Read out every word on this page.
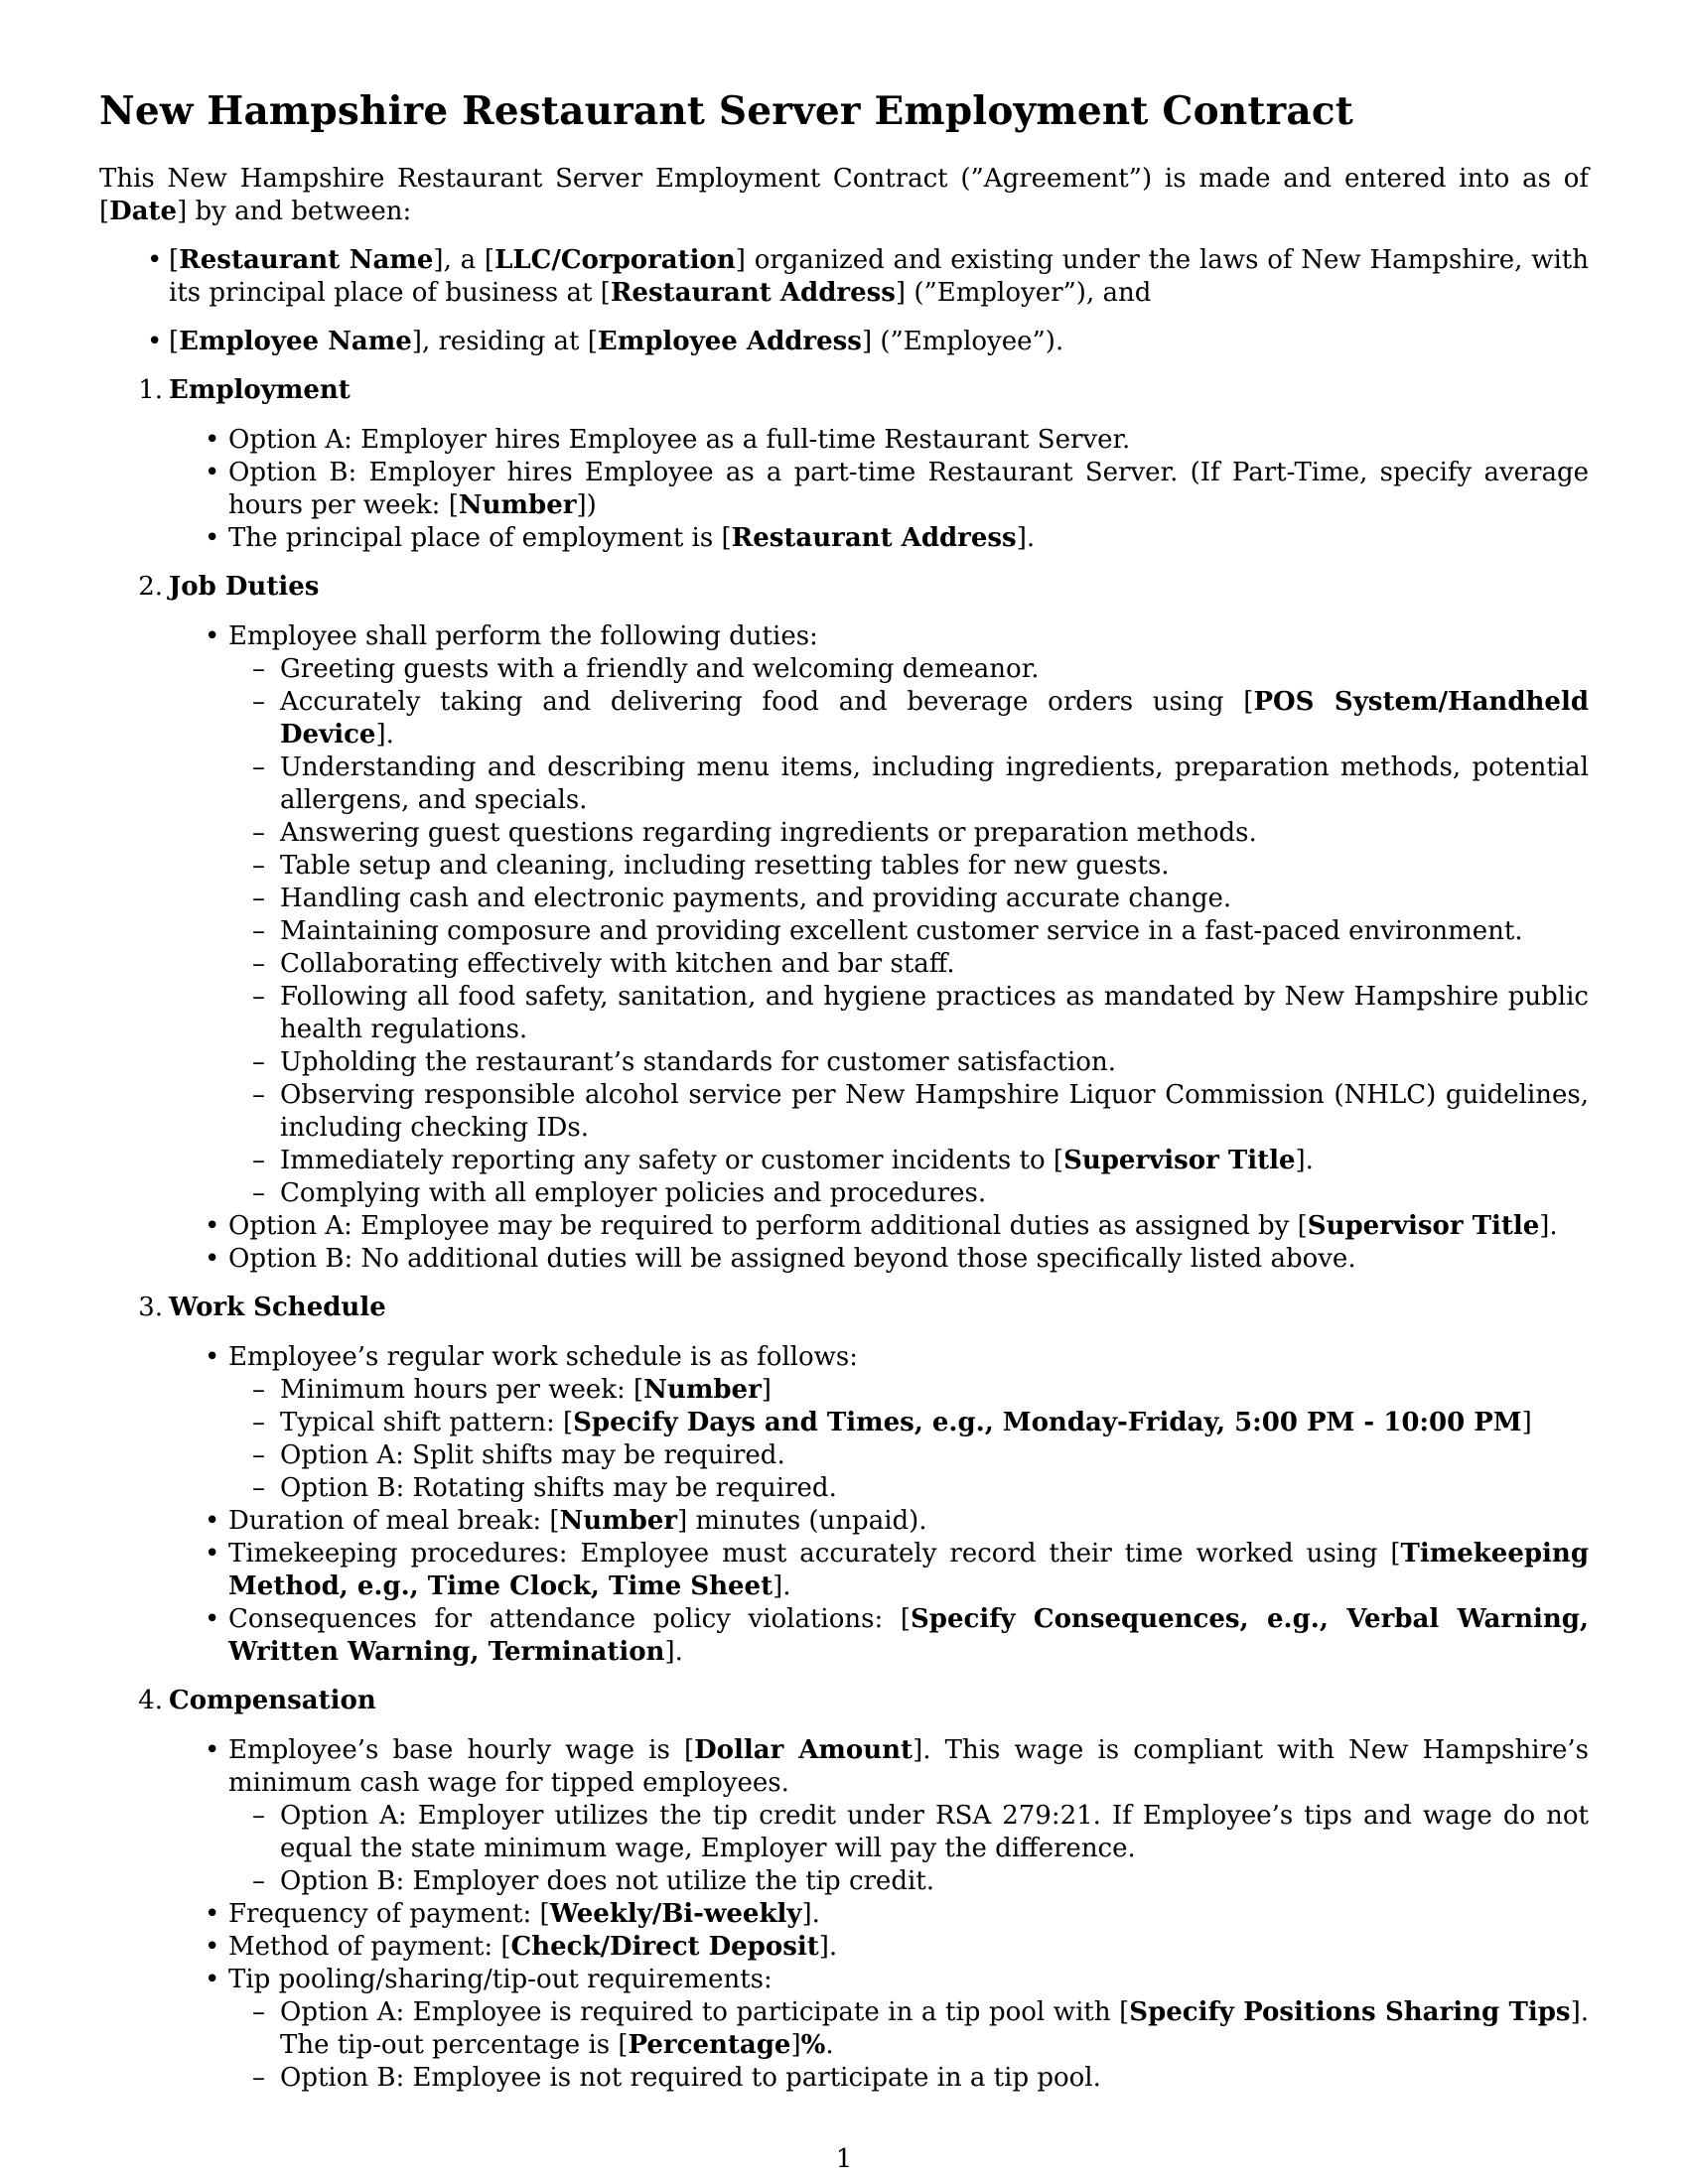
New Hampshire Restaurant Server Employment Contract

This New Hampshire Restaurant Server Employment Contract (”Agreement”) is made and entered into as of [Date] by and between:

• [Restaurant Name], a [LLC/Corporation] organized and existing under the laws of New Hampshire, with its principal place of business at [Restaurant Address] (”Employer”), and
• [Employee Name], residing at [Employee Address] (”Employee”).
1. Employment
• Option A: Employer hires Employee as a full-time Restaurant Server.
• Option B: Employer hires Employee as a part-time Restaurant Server. (If Part-Time, specify average hours per week: [Number])
• The principal place of employment is [Restaurant Address].
2. Job Duties
• Employee shall perform the following duties:
– Greeting guests with a friendly and welcoming demeanor.
– Accurately taking and delivering food and beverage orders using [POS System/Handheld Device].
– Understanding and describing menu items, including ingredients, preparation methods, potential allergens, and specials.
– Answering guest questions regarding ingredients or preparation methods.
– Table setup and cleaning, including resetting tables for new guests.
– Handling cash and electronic payments, and providing accurate change.
– Maintaining composure and providing excellent customer service in a fast-paced environment.
– Collaborating effectively with kitchen and bar staff.
– Following all food safety, sanitation, and hygiene practices as mandated by New Hampshire public health regulations.
– Upholding the restaurant’s standards for customer satisfaction.
– Observing responsible alcohol service per New Hampshire Liquor Commission (NHLC) guidelines, including checking IDs.
– Immediately reporting any safety or customer incidents to [Supervisor Title].
– Complying with all employer policies and procedures.
• Option A: Employee may be required to perform additional duties as assigned by [Supervisor Title].
• Option B: No additional duties will be assigned beyond those specifically listed above.
3. Work Schedule
• Employee’s regular work schedule is as follows:
– Minimum hours per week: [Number]
– Typical shift pattern: [Specify Days and Times, e.g., Monday-Friday, 5:00 PM - 10:00 PM]
– Option A: Split shifts may be required.
– Option B: Rotating shifts may be required.
• Duration of meal break: [Number] minutes (unpaid).
• Timekeeping procedures: Employee must accurately record their time worked using [Timekeeping Method, e.g., Time Clock, Time Sheet].
• Consequences for attendance policy violations: [Specify Consequences, e.g., Verbal Warning, Written Warning, Termination].
4. Compensation
• Employee’s base hourly wage is [Dollar Amount]. This wage is compliant with New Hampshire’s minimum cash wage for tipped employees.
– Option A: Employer utilizes the tip credit under RSA 279:21. If Employee’s tips and wage do not equal the state minimum wage, Employer will pay the difference.
– Option B: Employer does not utilize the tip credit.
• Frequency of payment: [Weekly/Bi-weekly].
• Method of payment: [Check/Direct Deposit].
• Tip pooling/sharing/tip-out requirements:
– Option A: Employee is required to participate in a tip pool with [Specify Positions Sharing Tips]. The tip-out percentage is [Percentage]%.
– Option B: Employee is not required to participate in a tip pool.
1
